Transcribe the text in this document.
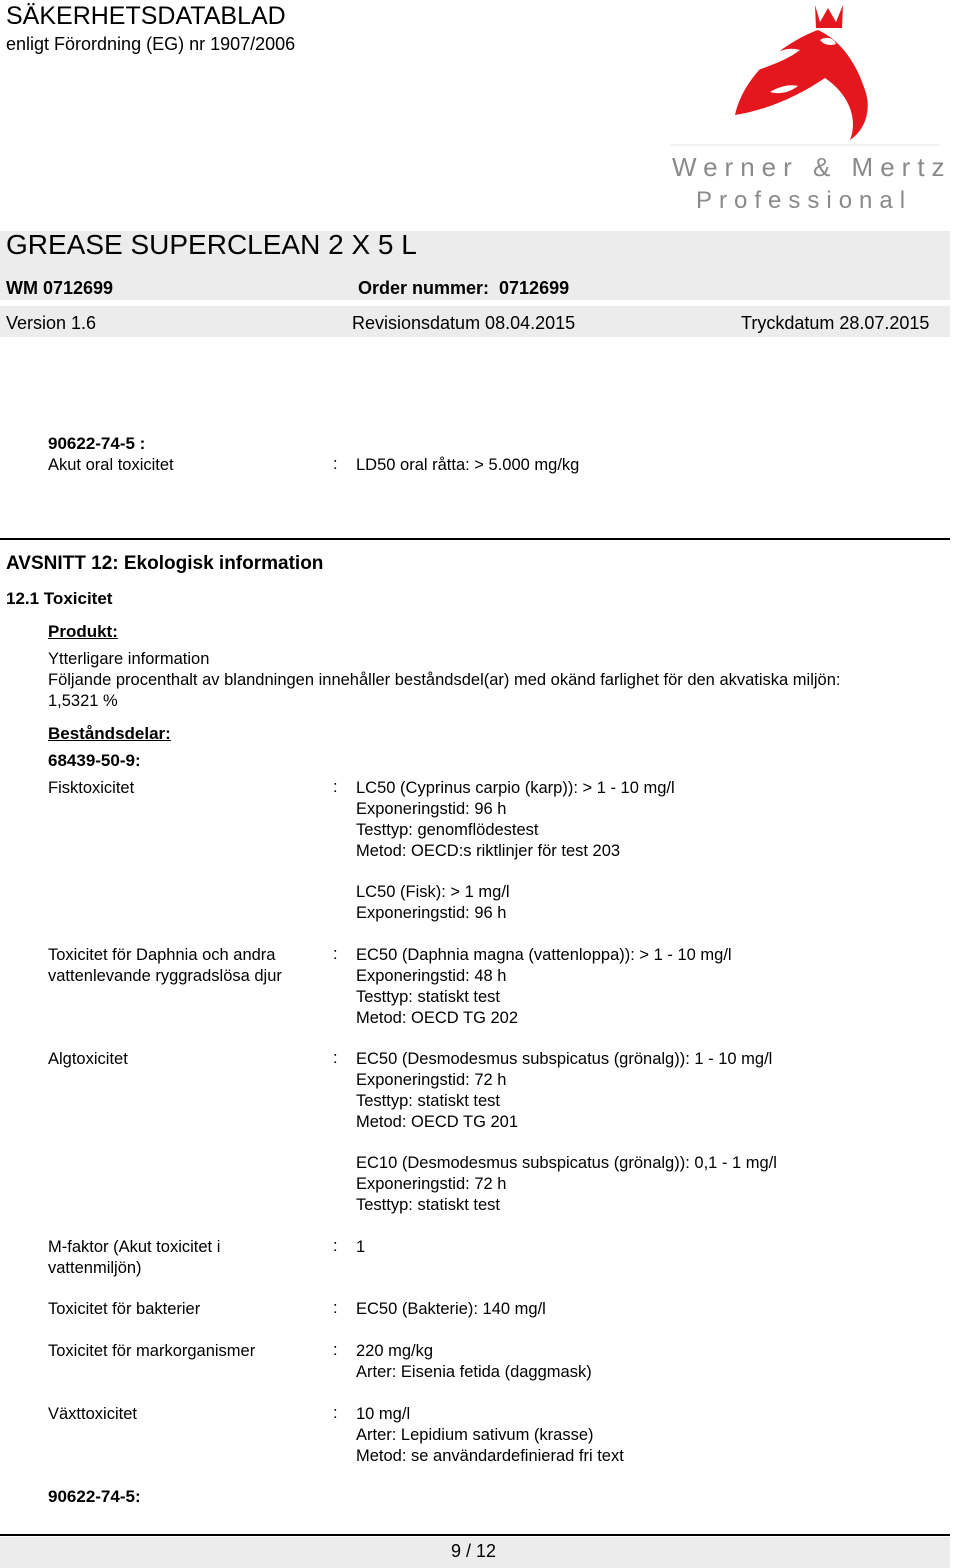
SÄKERHETSDATABLAD
enligt Förordning (EG) nr 1907/2006
Werner & Mertz
Professional
GREASE SUPERCLEAN 2 X 5 L
WM 0712699	Order nummer:  0712699
Version 1.6	Revisionsdatum 08.04.2015	Tryckdatum 28.07.2015
90622-74-5 :
Akut oral toxicitet	: LD50 oral råtta: > 5.000 mg/kg
AVSNITT 12: Ekologisk information
12.1 Toxicitet
Produkt:
Ytterligare information
Följande procenthalt av blandningen innehåller beståndsdel(ar) med okänd farlighet för den akvatiska miljön:
1,5321 %
Beståndsdelar:
68439-50-9:
Fisktoxicitet	: LC50 (Cyprinus carpio (karp)): > 1 - 10 mg/l
Exponeringstid: 96 h
Testtyp: genomflödestest
Metod: OECD:s riktlinjer för test 203
LC50 (Fisk): > 1 mg/l
Exponeringstid: 96 h
Toxicitet för Daphnia och andra
vattenlevande ryggradslösa djur
: EC50 (Daphnia magna (vattenloppa)): > 1 - 10 mg/l
Exponeringstid: 48 h
Testtyp: statiskt test
Metod: OECD TG 202
Algtoxicitet	: EC50 (Desmodesmus subspicatus (grönalg)): 1 - 10 mg/l
Exponeringstid: 72 h
Testtyp: statiskt test
Metod: OECD TG 201
EC10 (Desmodesmus subspicatus (grönalg)): 0,1 - 1 mg/l
Exponeringstid: 72 h
Testtyp: statiskt test
M-faktor (Akut toxicitet i
vattenmiljön)
: 1
Toxicitet för bakterier	: EC50 (Bakterie): 140 mg/l
Toxicitet för markorganismer	: 220 mg/kg
Arter: Eisenia fetida (daggmask)
Växttoxicitet	: 10 mg/l
Arter: Lepidium sativum (krasse)
Metod: se användardefinierad fri text
90622-74-5:
9 / 12
